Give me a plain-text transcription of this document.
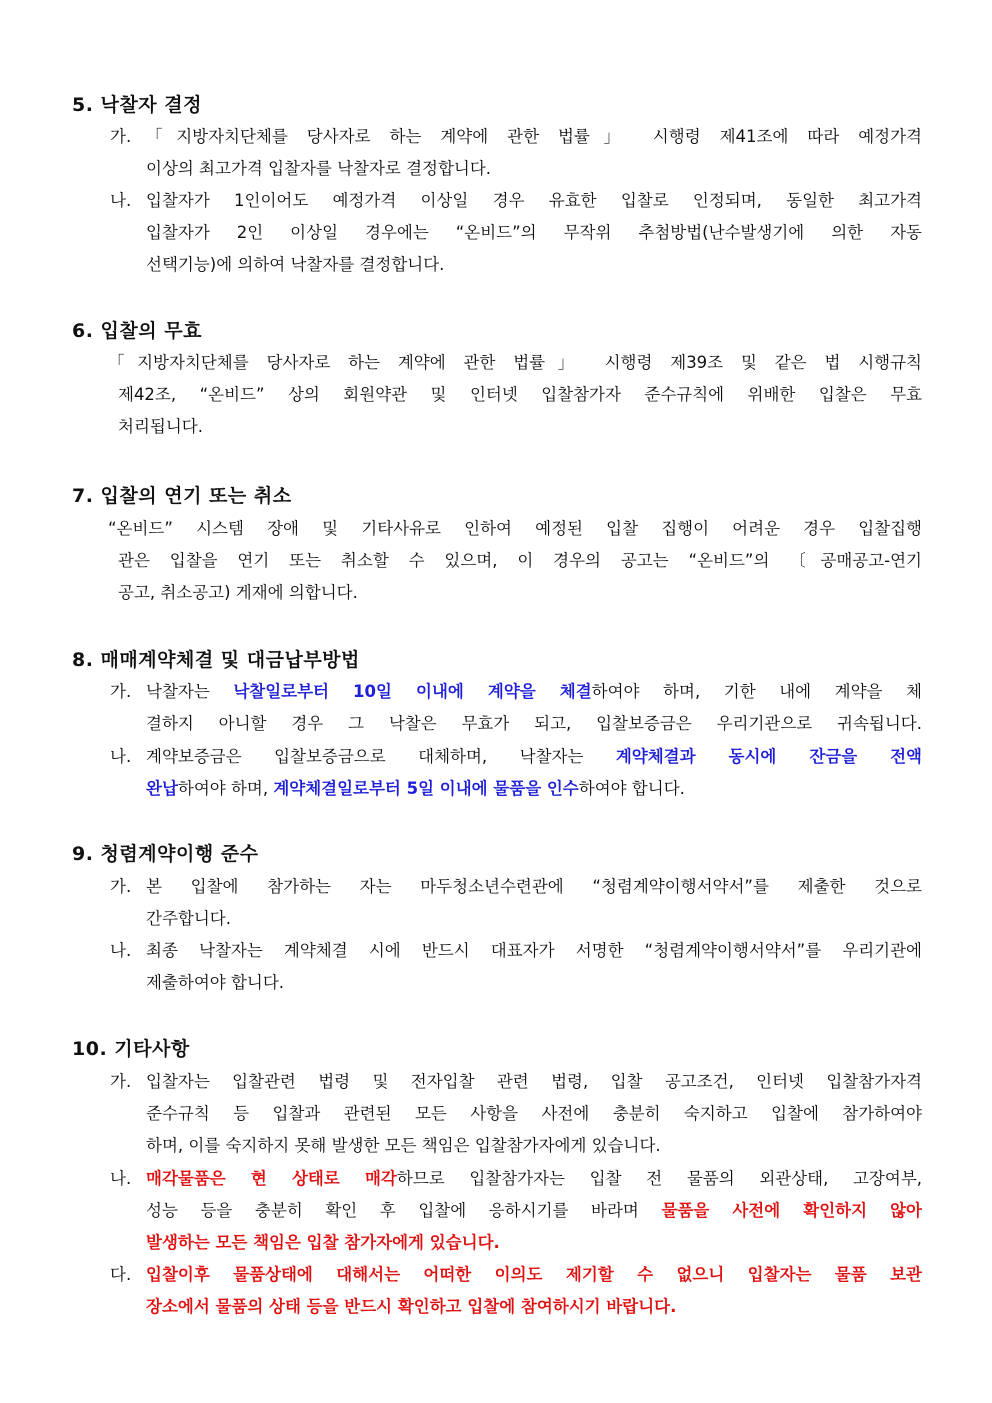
5. 낙찰자 결정
가. 「지방자치단체를 당사자로 하는 계약에 관한 법률」 시행령 제41조에 따라 예정가격
이상의 최고가격 입찰자를 낙찰자로 결정합니다.
나. 입찰자가 1인이어도 예정가격 이상일 경우 유효한 입찰로 인정되며, 동일한 최고가격
입찰자가 2인 이상일 경우에는 “온비드”의 무작위 추첨방법(난수발생기에 의한 자동
선택기능)에 의하여 낙찰자를 결정합니다.
6. 입찰의 무효
「지방자치단체를 당사자로 하는 계약에 관한 법률」 시행령 제39조 및 같은 법 시행규칙
제42조, “온비드” 상의 회원약관 및 인터넷 입찰참가자 준수규칙에 위배한 입찰은 무효
처리됩니다.
7. 입찰의 연기 또는 취소
“온비드” 시스템 장애 및 기타사유로 인하여 예정된 입찰 집행이 어려운 경우 입찰집행
관은 입찰을 연기 또는 취소할 수 있으며, 이 경우의 공고는 “온비드”의 〔공매공고-연기
공고, 취소공고) 게재에 의합니다.
8. 매매계약체결 및 대금납부방법
가. 낙찰자는 낙찰일로부터 10일 이내에 계약을 체결하여야 하며, 기한 내에 계약을 체
결하지 아니할 경우 그 낙찰은 무효가 되고, 입찰보증금은 우리기관으로 귀속됩니다.
나. 계약보증금은 입찰보증금으로 대체하며, 낙찰자는 계약체결과 동시에 잔금을 전액
완납하여야 하며, 계약체결일로부터 5일 이내에 물품을 인수하여야 합니다.
9. 청렴계약이행 준수
가. 본 입찰에 참가하는 자는 마두청소년수련관에 “청렴계약이행서약서”를 제출한 것으로
간주합니다.
나. 최종 낙찰자는 계약체결 시에 반드시 대표자가 서명한 “청렴계약이행서약서”를 우리기관에
제출하여야 합니다.
10. 기타사항
가. 입찰자는 입찰관련 법령 및 전자입찰 관련 법령, 입찰 공고조건, 인터넷 입찰참가자격
준수규칙 등 입찰과 관련된 모든 사항을 사전에 충분히 숙지하고 입찰에 참가하여야
하며, 이를 숙지하지 못해 발생한 모든 책임은 입찰참가자에게 있습니다.
나. 매각물품은 현 상태로 매각하므로 입찰참가자는 입찰 전 물품의 외관상태, 고장여부,
성능 등을 충분히 확인 후 입찰에 응하시기를 바라며 물품을 사전에 확인하지 않아
발생하는 모든 책임은 입찰 참가자에게 있습니다.
다. 입찰이후 물품상태에 대해서는 어떠한 이의도 제기할 수 없으니 입찰자는 물품 보관
장소에서 물품의 상태 등을 반드시 확인하고 입찰에 참여하시기 바랍니다.
